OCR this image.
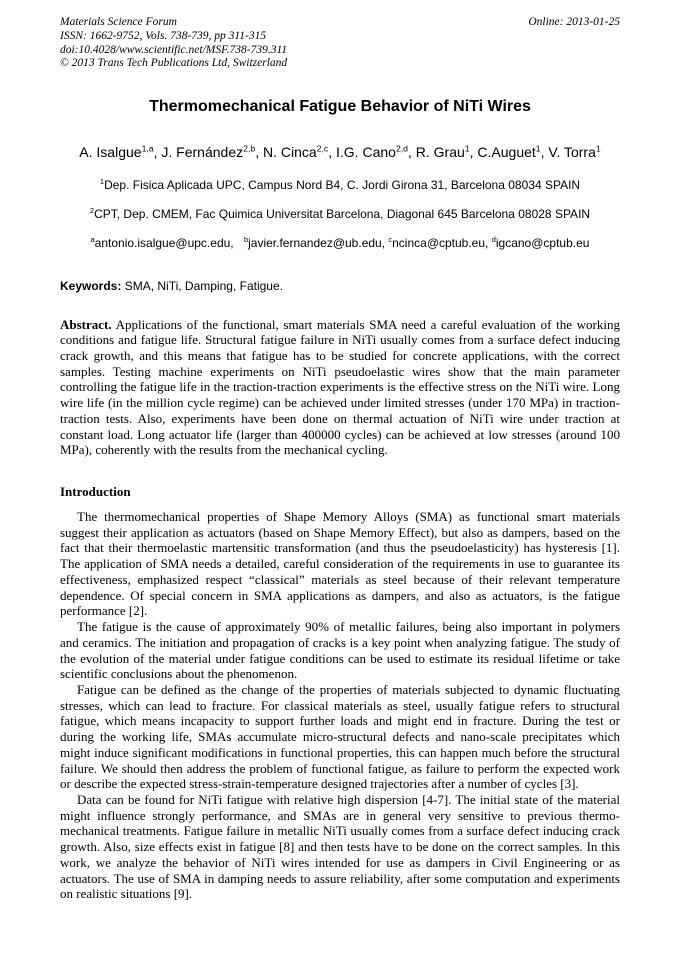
Materials Science Forum
ISSN: 1662-9752, Vols. 738-739, pp 311-315
doi:10.4028/www.scientific.net/MSF.738-739.311
© 2013 Trans Tech Publications Ltd, Switzerland
Online: 2013-01-25
Thermomechanical Fatigue Behavior of NiTi Wires

A. Isalgue$^{1,a}$, J. Fernández$^{2,b}$, N. Cinca$^{2,c}$, I.G. Cano$^{2,d}$, R. Grau$^1$, C.Auguet$^1$, V. Torra$^1$

$^1$Dep. Fisica Aplicada UPC, Campus Nord B4, C. Jordi Girona 31, Barcelona 08034 SPAIN

$^2$CPT, Dep. CMEM, Fac Quimica Universitat Barcelona, Diagonal 645 Barcelona 08028 SPAIN

$^a$antonio.isalgue@upc.edu, $^b$javier.fernandez@ub.edu, $^c$ncinca@cptub.eu, $^d$igcano@cptub.eu

Keywords: SMA, NiTi, Damping, Fatigue.

Abstract. Applications of the functional, smart materials SMA need a careful evaluation of the working conditions and fatigue life. Structural fatigue failure in NiTi usually comes from a surface defect inducing crack growth, and this means that fatigue has to be studied for concrete applications, with the correct samples. Testing machine experiments on NiTi pseudoelastic wires show that the main parameter controlling the fatigue life in the traction-traction experiments is the effective stress on the NiTi wire. Long wire life (in the million cycle regime) can be achieved under limited stresses (under 170 MPa) in traction-traction tests. Also, experiments have been done on thermal actuation of NiTi wire under traction at constant load. Long actuator life (larger than 400000 cycles) can be achieved at low stresses (around 100 MPa), coherently with the results from the mechanical cycling.

Introduction

The thermomechanical properties of Shape Memory Alloys (SMA) as functional smart materials suggest their application as actuators (based on Shape Memory Effect), but also as dampers, based on the fact that their thermoelastic martensitic transformation (and thus the pseudoelasticity) has hysteresis [1]. The application of SMA needs a detailed, careful consideration of the requirements in use to guarantee its effectiveness, emphasized respect “classical” materials as steel because of their relevant temperature dependence. Of special concern in SMA applications as dampers, and also as actuators, is the fatigue performance [2].

The fatigue is the cause of approximately 90% of metallic failures, being also important in polymers and ceramics. The initiation and propagation of cracks is a key point when analyzing fatigue. The study of the evolution of the material under fatigue conditions can be used to estimate its residual lifetime or take scientific conclusions about the phenomenon.

Fatigue can be defined as the change of the properties of materials subjected to dynamic fluctuating stresses, which can lead to fracture. For classical materials as steel, usually fatigue refers to structural fatigue, which means incapacity to support further loads and might end in fracture. During the test or during the working life, SMAs accumulate micro-structural defects and nano-scale precipitates which might induce significant modifications in functional properties, this can happen much before the structural failure. We should then address the problem of functional fatigue, as failure to perform the expected work or describe the expected stress-strain-temperature designed trajectories after a number of cycles [3].

Data can be found for NiTi fatigue with relative high dispersion [4-7]. The initial state of the material might influence strongly performance, and SMAs are in general very sensitive to previous thermo-mechanical treatments. Fatigue failure in metallic NiTi usually comes from a surface defect inducing crack growth. Also, size effects exist in fatigue [8] and then tests have to be done on the correct samples. In this work, we analyze the behavior of NiTi wires intended for use as dampers in Civil Engineering or as actuators. The use of SMA in damping needs to assure reliability, after some computation and experiments on realistic situations [9].
